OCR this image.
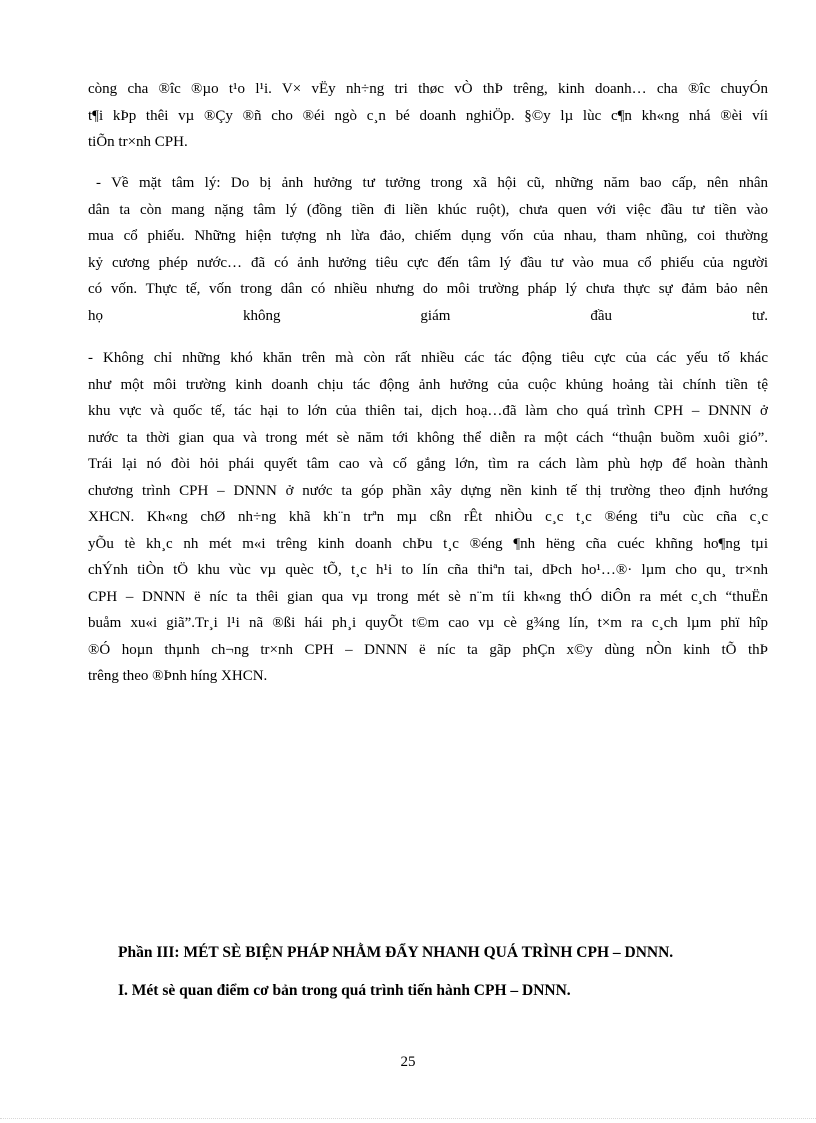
còng cha ®îc ®µo t¹o l¹i. V× vËy nh÷ng tri thøc vÒ thÞ trêng, kinh doanh… cha ®îc chuyÓn
t¶i kÞp thêi vµ ®Çy ®ñ cho ®éi ngò c¸n bé doanh nghiÖp. §©y lµ lùc c¶n kh«ng nhá ®èi víi
tiÕn tr×nh CPH.
- Về mặt tâm lý: Do bị ảnh hưởng tư tưởng trong xã hội cũ, những năm bao cấp, nên nhân
dân ta còn mang nặng tâm lý (đồng tiền đi liền khúc ruột), chưa quen với việc đầu tư tiền vào
mua cổ phiếu. Những hiện tượng nh lừa đảo, chiếm dụng vốn của nhau, tham nhũng, coi thường
kỷ cương phép nước… đã có ảnh hưởng tiêu cực đến tâm lý đầu tư vào mua cổ phiếu của người
có vốn. Thực tế, vốn trong dân có nhiều nhưng do môi trường pháp lý chưa thực sự đảm bảo nên
họ không giám đầu tư.
- Không chỉ những khó khăn trên mà còn rất nhiều các tác động tiêu cực của các yếu tố khác
như một môi trường kinh doanh chịu tác động ảnh hưởng của cuộc khủng hoảng tài chính tiền tệ
khu vực và quốc tế, tác hại to lớn của thiên tai, dịch hoạ…đã làm cho quá trình CPH – DNNN ở
nước ta thời gian qua và trong mét sè năm tới không thể diễn ra một cách “thuận buồm xuôi gió”.
Trái lại nó đòi hỏi phái quyết tâm cao và cố gắng lớn, tìm ra cách làm phù hợp để hoàn thành
chương trình CPH – DNNN ở nước ta góp phần xây dựng nền kinh tế thị trường theo định hướng
XHCN. Kh«ng chØ nh÷ng khã kh¨n trªn mµ cßn rÊt nhiÒu c¸c t¸c ®éng tiªu cùc cña c¸c
yÕu tè kh¸c nh mét m«i trêng kinh doanh chÞu t¸c ®éng ¶nh hëng cña cuéc khñng ho¶ng tµi
chÝnh tiÒn tÖ khu vùc vµ quèc tÕ, t¸c h¹i to lín cña thiªn tai, dÞch ho¹…®· lµm cho qu¸ tr×nh
CPH – DNNN ë níc ta thêi gian qua vµ trong mét sè n¨m tíi kh«ng thÓ diÔn ra mét c¸ch “thuËn
buåm xu«i giã”.Tr¸i l¹i nã ®ßi hái ph¸i quyÕt t©m cao vµ cè g¾ng lín, t×m ra c¸ch lµm phï hîp
®Ó hoµn thµnh ch¬ng tr×nh CPH – DNNN ë níc ta gãp phÇn x©y dùng nÒn kinh tÕ thÞ
trêng theo ®Þnh híng XHCN.
Phần III: MÉT SÈ BIỆN PHÁP NHẰM ĐẨY NHANH QUÁ TRÌNH CPH – DNNN.
I. Mét sè quan điểm cơ bản trong quá trình tiến hành CPH – DNNN.
25
